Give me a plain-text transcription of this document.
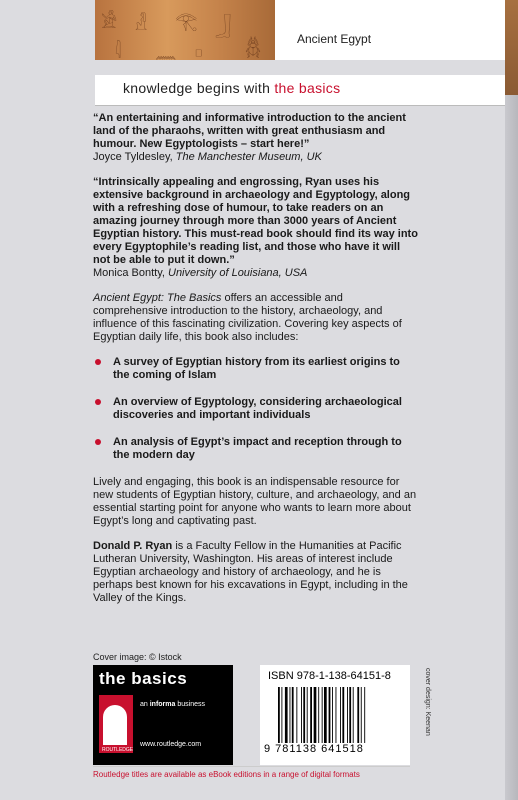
𓀀 𓁐 𓂀 𓃀
𓆣
𓇋 𓈖 𓊪
Ancient Egypt
knowledge begins with the basics

“An entertaining and informative introduction to the ancient land of the pharaohs, written with great enthusiasm and humour. New Egyptologists – start here!”
Joyce Tyldesley, The Manchester Museum, UK

“Intrinsically appealing and engrossing, Ryan uses his extensive background in archaeology and Egyptology, along with a refreshing dose of humour, to take readers on an amazing journey through more than 3000 years of Ancient Egyptian history. This must-read book should find its way into every Egyptophile’s reading list, and those who have it will not be able to put it down.”
Monica Bontty, University of Louisiana, USA

Ancient Egypt: The Basics offers an accessible and comprehensive introduction to the history, archaeology, and influence of this fascinating civilization. Covering key aspects of Egyptian daily life, this book also includes:

A survey of Egyptian history from its earliest origins to the coming of Islam
An overview of Egyptology, considering archaeological discoveries and important individuals
An analysis of Egypt’s impact and reception through to the modern day

Lively and engaging, this book is an indispensable resource for new students of Egyptian history, culture, and archaeology, and an essential starting point for anyone who wants to learn more about Egypt’s long and captivating past.

Donald P. Ryan is a Faculty Fellow in the Humanities at Pacific Lutheran University, Washington. His areas of interest include Egyptian archaeology and history of archaeology, and he is perhaps best known for his excavations in Egypt, including in the Valley of the Kings.

Cover image: © Istock
the basics
ROUTLEDGE
an informa business
www.routledge.com
ISBN 978-1-138-64151-8
9 781138 641518
cover design: Keenan
Routledge titles are available as eBook editions in a range of digital formats
